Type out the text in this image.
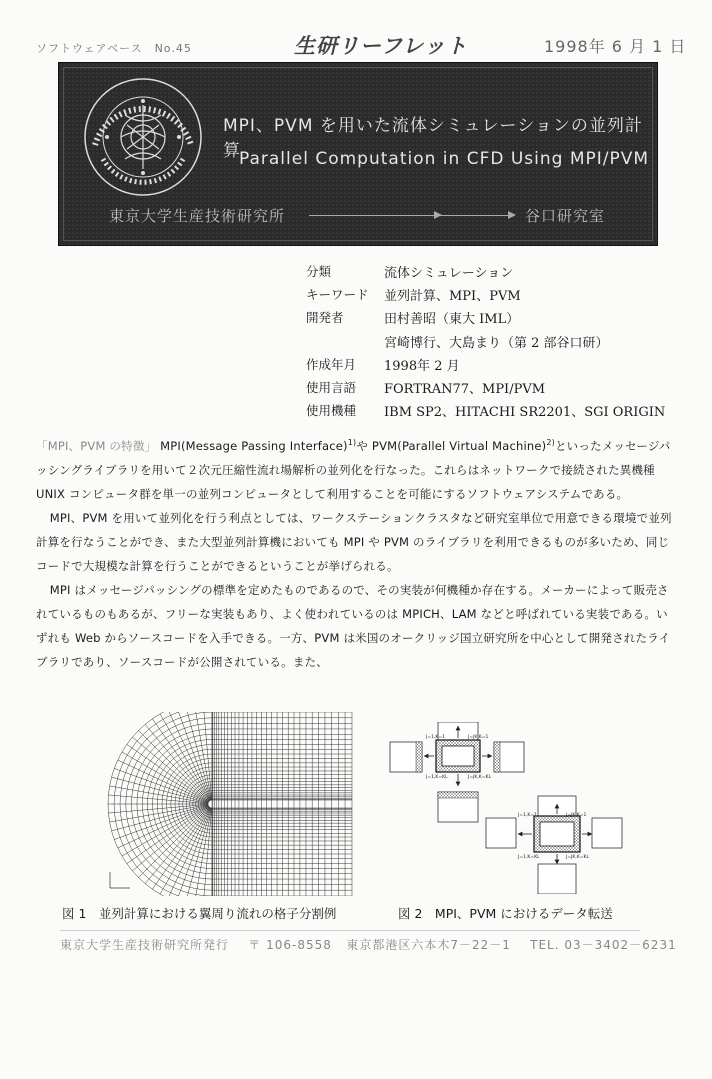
ソフトウェアベース　No.45	生研リーフレット	1998年 6 月 1 日
MPI、PVM を用いた流体シミュレーションの並列計算
Parallel Computation in CFD Using MPI/PVM
東京大学生産技術研究所	谷口研究室
分類	流体シミュレーション
キーワード	並列計算、MPI、PVM
開発者	田村善昭（東大 IML）
宮崎博行、大島まり（第 2 部谷口研）
作成年月	1998年 2 月
使用言語	FORTRAN77、MPI/PVM
使用機種	IBM SP2、HITACHI SR2201、SGI ORIGIN

「MPI、PVM の特徴」 MPI(Message Passing Interface)$^{1)}$や PVM(Parallel Virtual Machine)$^{2)}$といったメッセージパッシングライブラリを用いて２次元圧縮性流れ場解析の並列化を行なった。これらはネットワークで接続された異機種 UNIX コンピュータ群を単一の並列コンピュータとして利用することを可能にするソフトウェアシステムである。

MPI、PVM を用いて並列化を行う利点としては、ワークステーションクラスタなど研究室単位で用意できる環境で並列計算を行なうことができ、また大型並列計算機においても MPI や PVM のライブラリを利用できるものが多いため、同じコードで大規模な計算を行うことができるということが挙げられる。

MPI はメッセージパッシングの標準を定めたものであるので、その実装が何機種か存在する。メーカーによって販売されているものもあるが、フリーな実装もあり、よく使われているのは MPICH、LAM などと呼ばれている実装である。いずれも Web からソースコードを入手できる。一方、PVM は米国のオークリッジ国立研究所を中心として開発されたライブラリであり、ソースコードが公開されている。また、

J=1,K=1	J=JK,K=1
J=1,K=KL	J=JK,K=KL
J=1,K=1	J=JK,K=1
J=1,K=KL	J=JK,K=KL
図 1　並列計算における翼周り流れの格子分割例	図 2　MPI、PVM におけるデータ転送
東京大学生産技術研究所発行 〒 106-8558 東京都港区六本木7－22－1 TEL. 03－3402－6231
